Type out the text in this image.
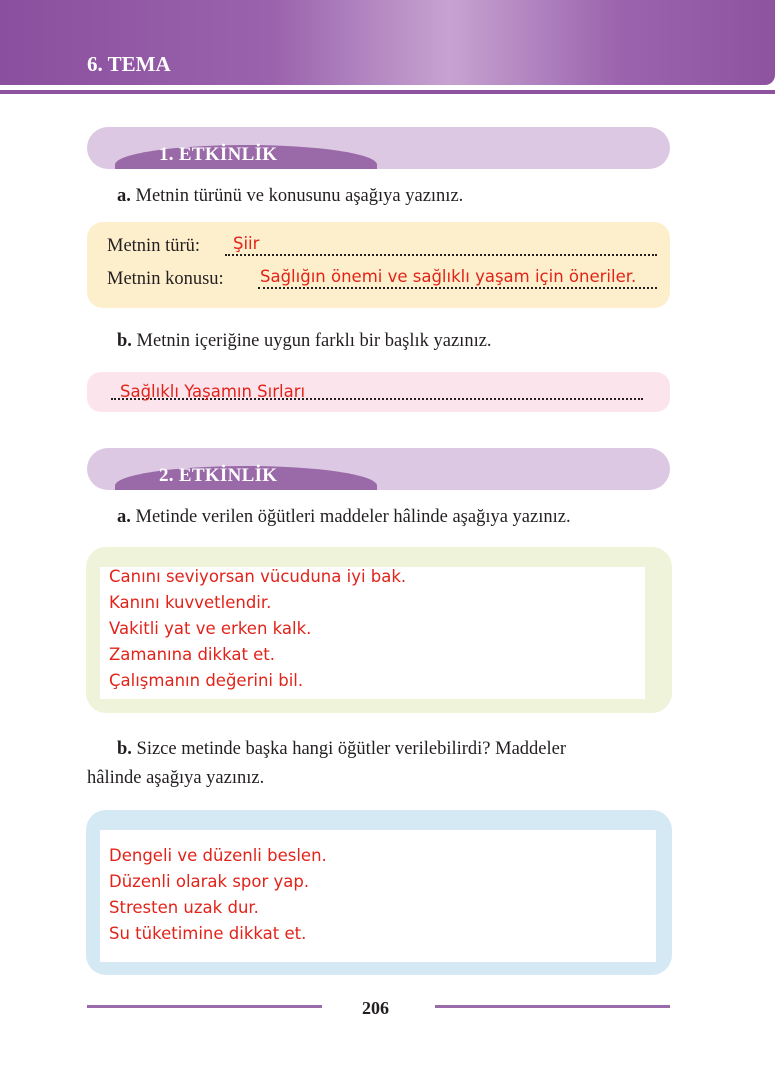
6. TEMA
1. ETKİNLİK
a. Metnin türünü ve konusunu aşağıya yazınız.
Metnin türü: Şiir
Metnin konusu: Sağlığın önemi ve sağlıklı yaşam için öneriler.
b. Metnin içeriğine uygun farklı bir başlık yazınız.
Sağlıklı Yaşamın Sırları
2. ETKİNLİK
a. Metinde verilen öğütleri maddeler hâlinde aşağıya yazınız.
Canını seviyorsan vücuduna iyi bak.
Kanını kuvvetlendir.
Vakitli yat ve erken kalk.
Zamanına dikkat et.
Çalışmanın değerini bil.
b. Sizce metinde başka hangi öğütler verilebilirdi? Maddeler
hâlinde aşağıya yazınız.
Dengeli ve düzenli beslen.
Düzenli olarak spor yap.
Stresten uzak dur.
Su tüketimine dikkat et.
206
